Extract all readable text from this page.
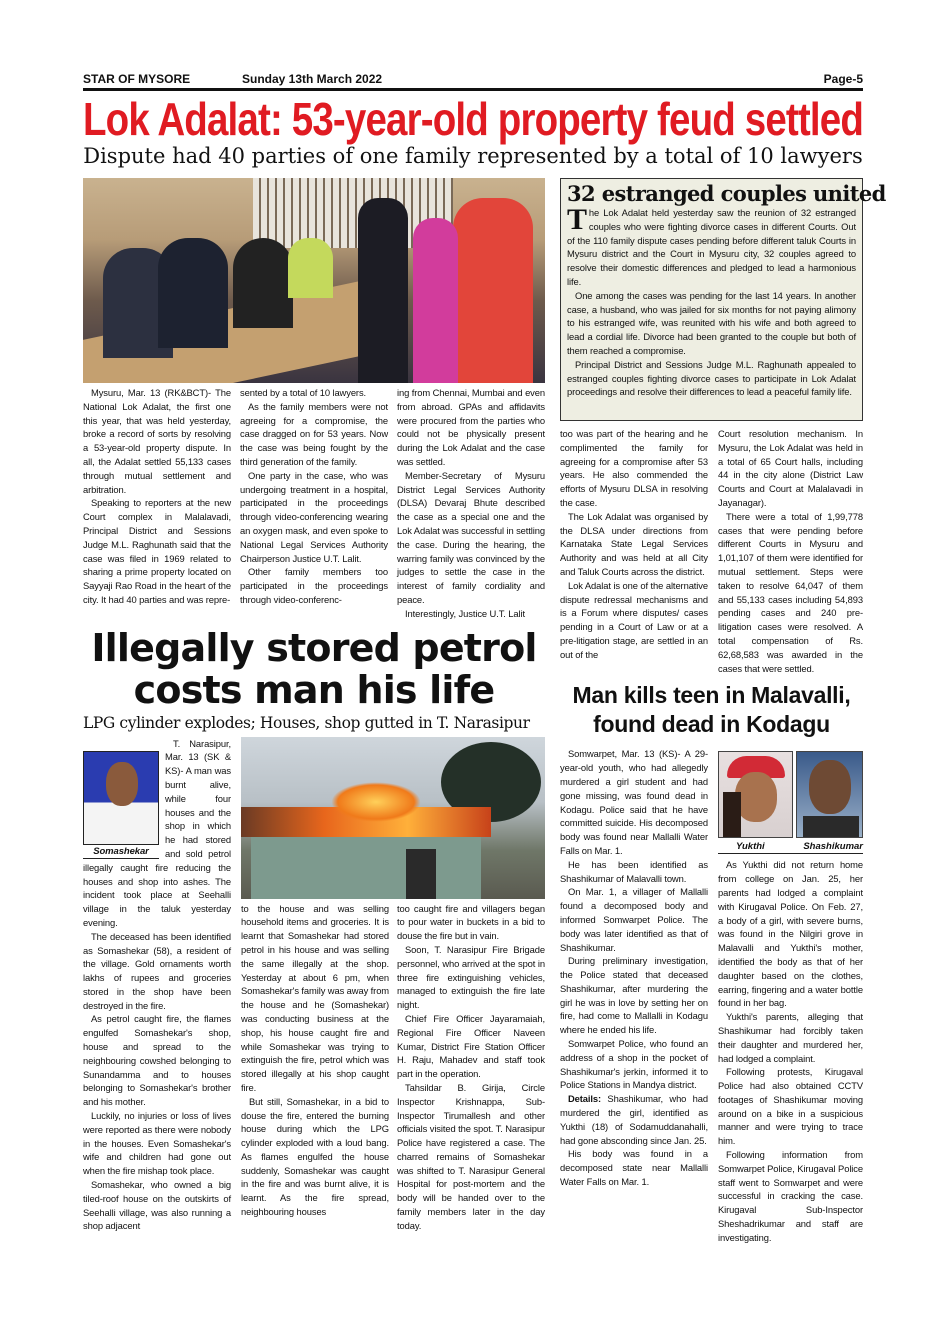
STAR OF MYSORE	Sunday 13th March 2022	Page-5
Lok Adalat: 53-year-old property feud settled
Dispute had 40 parties of one family represented by a total of 10 lawyers

Mysuru, Mar. 13 (RK&BCT)- The National Lok Adalat, the first one this year, that was held yesterday, broke a record of sorts by resolving a 53-year-old property dispute. In all, the Adalat settled 55,133 cases through mutual settlement and arbitration.

Speaking to reporters at the new Court complex in Malalavadi, Principal District and Sessions Judge M.L. Raghunath said that the case was filed in 1969 related to sharing a prime property located on Sayyaji Rao Road in the heart of the city. It had 40 parties and was repre-

sented by a total of 10 lawyers.

As the family members were not agreeing for a compromise, the case dragged on for 53 years. Now the case was being fought by the third generation of the family.

One party in the case, who was undergoing treatment in a hospital, participated in the proceedings through video-conferencing wearing an oxygen mask, and even spoke to National Legal Services Authority Chairperson Justice U.T. Lalit.

Other family members too participated in the proceedings through video-conferenc-

ing from Chennai, Mumbai and even from abroad. GPAs and affidavits were procured from the parties who could not be physically present during the Lok Adalat and the case was settled.

Member-Secretary of Mysuru District Legal Services Authority (DLSA) Devaraj Bhute described the case as a special one and the Lok Adalat was successful in settling the case. During the hearing, the warring family was convinced by the judges to settle the case in the interest of family cordiality and peace.

Interestingly, Justice U.T. Lalit

Illegally stored petrol
costs man his life
LPG cylinder explodes; Houses, shop gutted in T. Narasipur
Somashekar

T. Narasipur, Mar. 13 (SK & KS)- A man was burnt alive, while four houses and the shop in which he had stored and sold petrol illegally caught fire reducing the houses and shop into ashes. The incident took place at Seehalli village in the taluk yesterday evening.

The deceased has been identified as Somashekar (58), a resident of the village. Gold ornaments worth lakhs of rupees and groceries stored in the shop have been destroyed in the fire.

As petrol caught fire, the flames engulfed Somashekar's shop, house and spread to the neighbouring cowshed belonging to Sunandamma and to houses belonging to Somashekar's brother and his mother.

Luckily, no injuries or loss of lives were reported as there were nobody in the houses. Even Somashekar's wife and children had gone out when the fire mishap took place.

Somashekar, who owned a big tiled-roof house on the outskirts of Seehalli village, was also running a shop adjacent

to the house and was selling household items and groceries. It is learnt that Somashekar had stored petrol in his house and was selling the same illegally at the shop. Yesterday at about 6 pm, when Somashekar's family was away from the house and he (Somashekar) was conducting business at the shop, his house caught fire and while Somashekar was trying to extinguish the fire, petrol which was stored illegally at his shop caught fire.

But still, Somashekar, in a bid to douse the fire, entered the burning house during which the LPG cylinder exploded with a loud bang. As flames engulfed the house suddenly, Somashekar was caught in the fire and was burnt alive, it is learnt. As the fire spread, neighbouring houses

too caught fire and villagers began to pour water in buckets in a bid to douse the fire but in vain.

Soon, T. Narasipur Fire Brigade personnel, who arrived at the spot in three fire extinguishing vehicles, managed to extinguish the fire late night.

Chief Fire Officer Jayaramaiah, Regional Fire Officer Naveen Kumar, District Fire Station Officer H. Raju, Mahadev and staff took part in the operation.

Tahsildar B. Girija, Circle Inspector Krishnappa, Sub-Inspector Tirumallesh and other officials visited the spot. T. Narasipur Police have registered a case. The charred remains of Somashekar was shifted to T. Narasipur General Hospital for post-mortem and the body will be handed over to the family members later in the day today.

32 estranged couples united

The Lok Adalat held yesterday saw the reunion of 32 estranged couples who were fighting divorce cases in different Courts. Out of the 110 family dispute cases pending before different taluk Courts in Mysuru district and the Court in Mysuru city, 32 couples agreed to resolve their domestic differences and pledged to lead a harmonious life.

One among the cases was pending for the last 14 years. In another case, a husband, who was jailed for six months for not paying alimony to his estranged wife, was reunited with his wife and both agreed to lead a cordial life. Divorce had been granted to the couple but both of them reached a compromise.

Principal District and Sessions Judge M.L. Raghunath appealed to estranged couples fighting divorce cases to participate in Lok Adalat proceedings and resolve their differences to lead a peaceful family life.

too was part of the hearing and he complimented the family for agreeing for a compromise after 53 years. He also commended the efforts of Mysuru DLSA in resolving the case.

The Lok Adalat was organised by the DLSA under directions from Karnataka State Legal Services Authority and was held at all City and Taluk Courts across the district.

Lok Adalat is one of the alternative dispute redressal mechanisms and is a Forum where disputes/ cases pending in a Court of Law or at a pre-litigation stage, are settled in an out of the

Court resolution mechanism. In Mysuru, the Lok Adalat was held in a total of 65 Court halls, including 44 in the city alone (District Law Courts and Court at Malalavadi in Jayanagar).

There were a total of 1,99,778 cases that were pending before different Courts in Mysuru and 1,01,107 of them were identified for mutual settlement. Steps were taken to resolve 64,047 of them and 55,133 cases including 54,893 pending cases and 240 pre-litigation cases were resolved. A total compensation of Rs. 62,68,583 was awarded in the cases that were settled.

Man kills teen in Malavalli,
found dead in Kodagu

Somwarpet, Mar. 13 (KS)- A 29-year-old youth, who had allegedly murdered a girl student and had gone missing, was found dead in Kodagu. Police said that he have committed suicide. His decomposed body was found near Mallalli Water Falls on Mar. 1.

He has been identified as Shashikumar of Malavalli town.

On Mar. 1, a villager of Mallalli found a decomposed body and informed Somwarpet Police. The body was later identified as that of Shashikumar.

During preliminary investigation, the Police stated that deceased Shashikumar, after murdering the girl he was in love by setting her on fire, had come to Mallalli in Kodagu where he ended his life.

Somwarpet Police, who found an address of a shop in the pocket of Shashikumar's jerkin, informed it to Police Stations in Mandya district.

Details: Shashikumar, who had murdered the girl, identified as Yukthi (18) of Sodamuddanahalli, had gone absconding since Jan. 25.

His body was found in a decomposed state near Mallalli Water Falls on Mar. 1.

Yukthi	Shashikumar

As Yukthi did not return home from college on Jan. 25, her parents had lodged a complaint with Kirugaval Police. On Feb. 27, a body of a girl, with severe burns, was found in the Nilgiri grove in Malavalli and Yukthi's mother, identified the body as that of her daughter based on the clothes, earring, fingering and a water bottle found in her bag.

Yukthi's parents, alleging that Shashikumar had forcibly taken their daughter and murdered her, had lodged a complaint.

Following protests, Kirugaval Police had also obtained CCTV footages of Shashikumar moving around on a bike in a suspicious manner and were trying to trace him.

Following information from Somwarpet Police, Kirugaval Police staff went to Somwarpet and were successful in cracking the case. Kirugaval Sub-Inspector Sheshadrikumar and staff are investigating.
